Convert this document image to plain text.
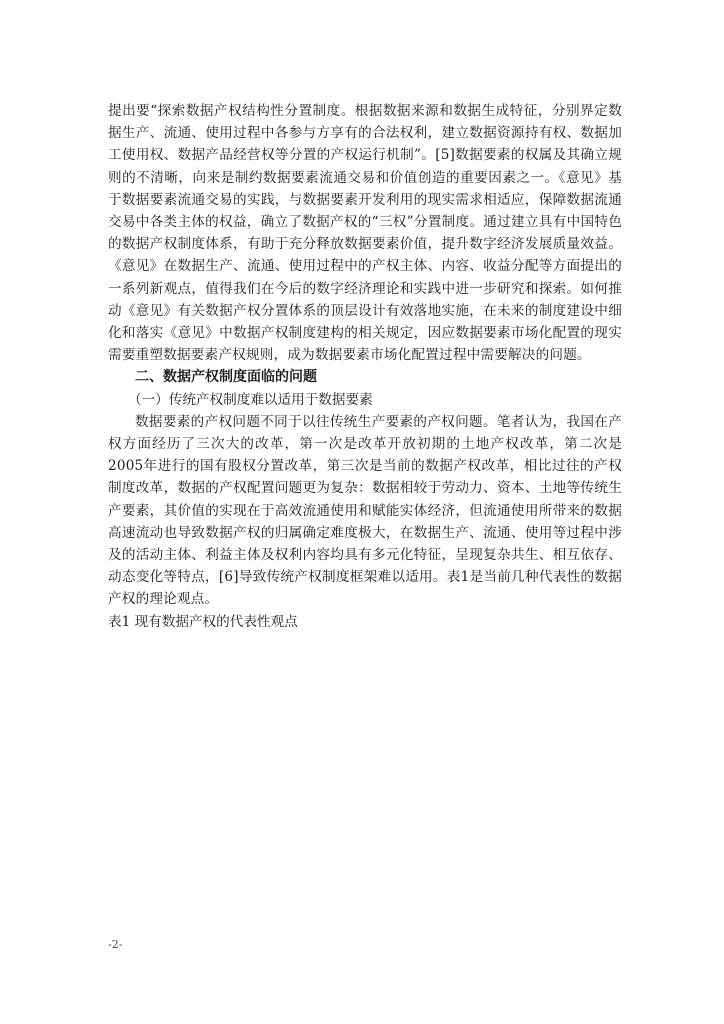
提出要“探索数据产权结构性分置制度。根据数据来源和数据生成特征，分别界定数据生产、流通、使用过程中各参与方享有的合法权利，建立数据资源持有权、数据加工使用权、数据产品经营权等分置的产权运行机制”。[5]数据要素的权属及其确立规则的不清晰，向来是制约数据要素流通交易和价值创造的重要因素之一。《意见》基于数据要素流通交易的实践，与数据要素开发利用的现实需求相适应，保障数据流通交易中各类主体的权益，确立了数据产权的“三权”分置制度。通过建立具有中国特色的数据产权制度体系，有助于充分释放数据要素价值，提升数字经济发展质量效益。《意见》在数据生产、流通、使用过程中的产权主体、内容、收益分配等方面提出的一系列新观点，值得我们在今后的数字经济理论和实践中进一步研究和探索。如何推动《意见》有关数据产权分置体系的顶层设计有效落地实施，在未来的制度建设中细化和落实《意见》中数据产权制度建构的相关规定，因应数据要素市场化配置的现实需要重塑数据要素产权规则，成为数据要素市场化配置过程中需要解决的问题。

二、数据产权制度面临的问题

（一）传统产权制度难以适用于数据要素

数据要素的产权问题不同于以往传统生产要素的产权问题。笔者认为，我国在产权方面经历了三次大的改革，第一次是改革开放初期的土地产权改革，第二次是2005年进行的国有股权分置改革，第三次是当前的数据产权改革，相比过往的产权制度改革，数据的产权配置问题更为复杂：数据相较于劳动力、资本、土地等传统生产要素，其价值的实现在于高效流通使用和赋能实体经济，但流通使用所带来的数据高速流动也导致数据产权的归属确定难度极大，在数据生产、流通、使用等过程中涉及的活动主体、利益主体及权利内容均具有多元化特征，呈现复杂共生、相互依存、动态变化等特点，[6]导致传统产权制度框架难以适用。表1是当前几种代表性的数据产权的理论观点。

表1 现有数据产权的代表性观点

-2-
